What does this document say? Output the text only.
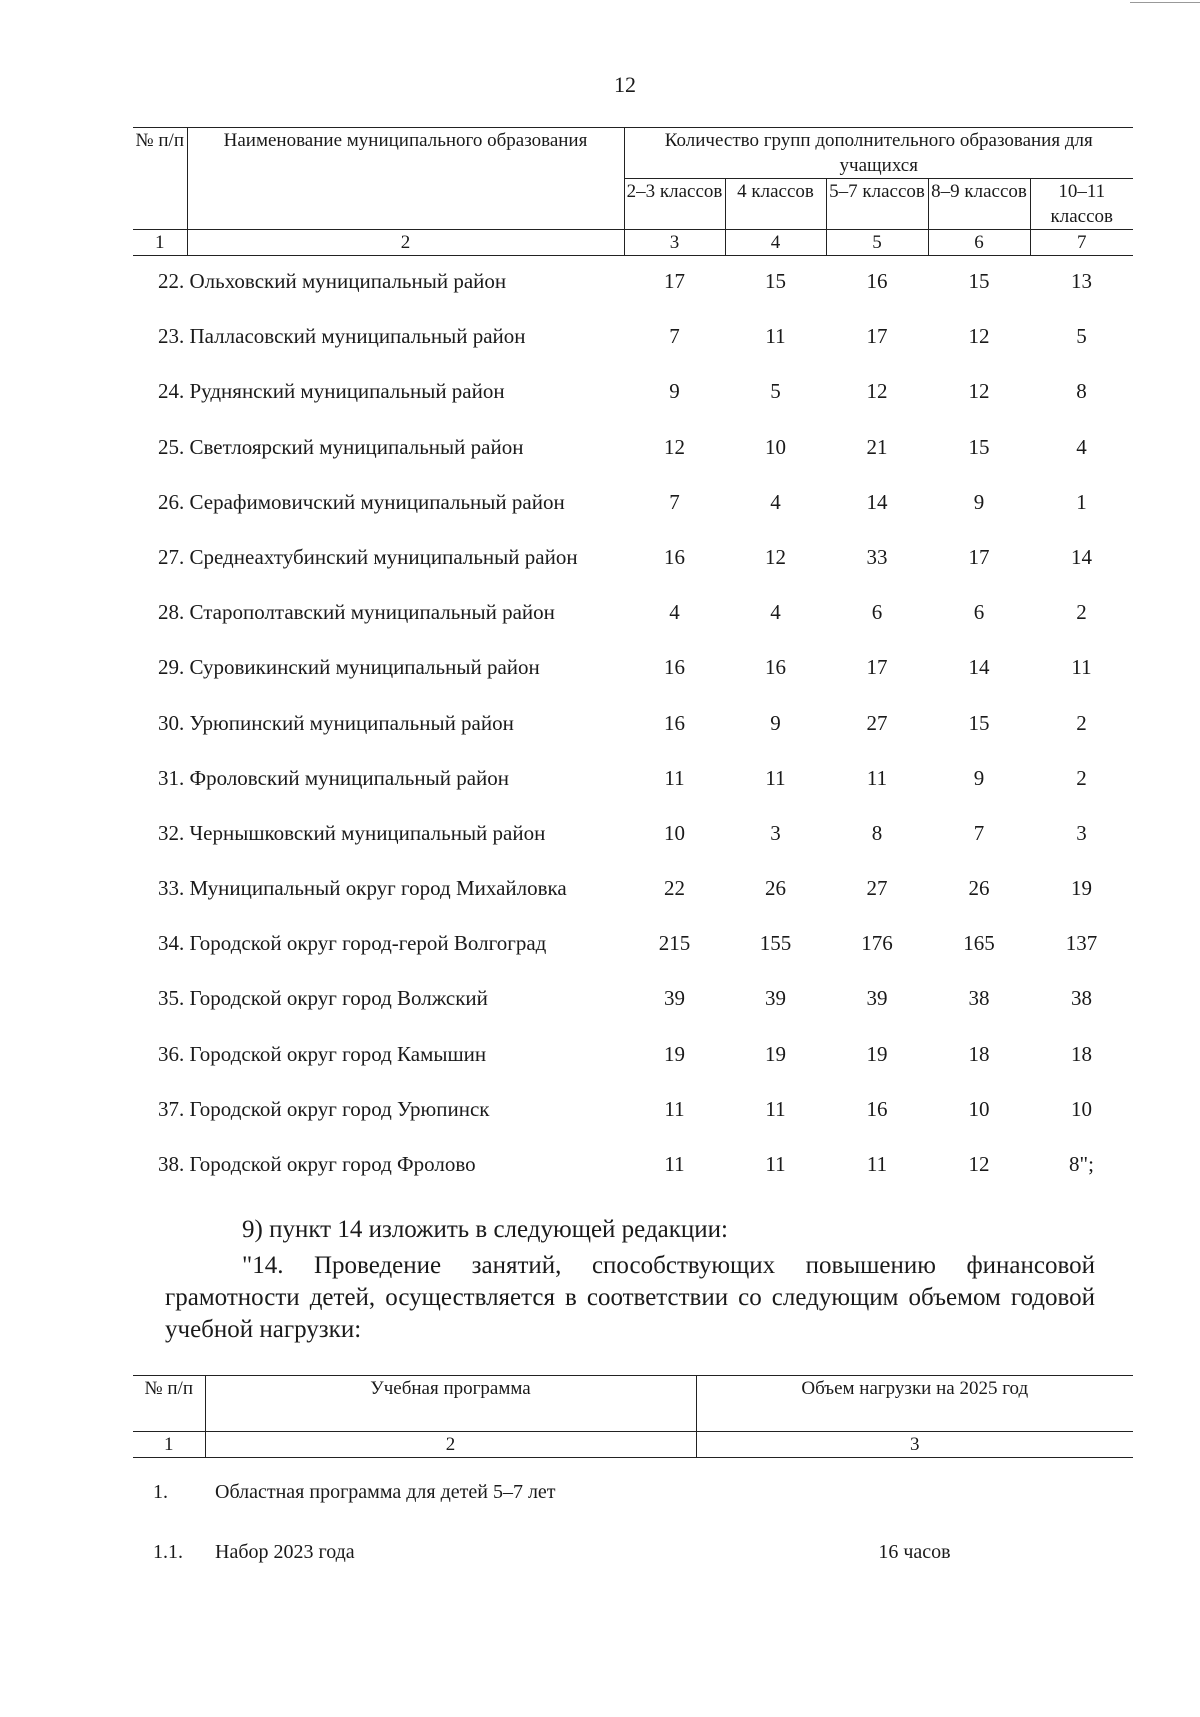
12
№ п/п	Наименование муниципального образования	Количество групп дополнительного образования для учащихся				
		2–3 классов	4 классов	5–7 классов	8–9 классов	10–11 классов
1	2	3	4	5	6	7
22. Ольховский муниципальный район	17	15	16	15	13
23. Палласовский муниципальный район	7	11	17	12	5
24. Руднянский муниципальный район	9	5	12	12	8
25. Светлоярский муниципальный район	12	10	21	15	4
26. Серафимовичский муниципальный район	7	4	14	9	1
27. Среднеахтубинский муниципальный район	16	12	33	17	14
28. Старополтавский муниципальный район	4	4	6	6	2
29. Суровикинский муниципальный район	16	16	17	14	11
30. Урюпинский муниципальный район	16	9	27	15	2
31. Фроловский муниципальный район	11	11	11	9	2
32. Чернышковский муниципальный район	10	3	8	7	3
33. Муниципальный округ город Михайловка	22	26	27	26	19
34. Городской округ город-герой Волгоград	215	155	176	165	137
35. Городской округ город Волжский	39	39	39	38	38
36. Городской округ город Камышин	19	19	19	18	18
37. Городской округ город Урюпинск	11	11	16	10	10
38. Городской округ город Фролово	11	11	11	12	8";
9) пункт 14 изложить в следующей редакции:
"14. Проведение занятий, способствующих повышению финансовой грамотности детей, осуществляется в соответствии со следующим объемом годовой учебной нагрузки:
№ п/п	Учебная программа	Объем нагрузки на 2025 год
1	2	3
1.	Областная программа для детей 5–7 лет	
1.1.	Набор 2023 года	16 часов
